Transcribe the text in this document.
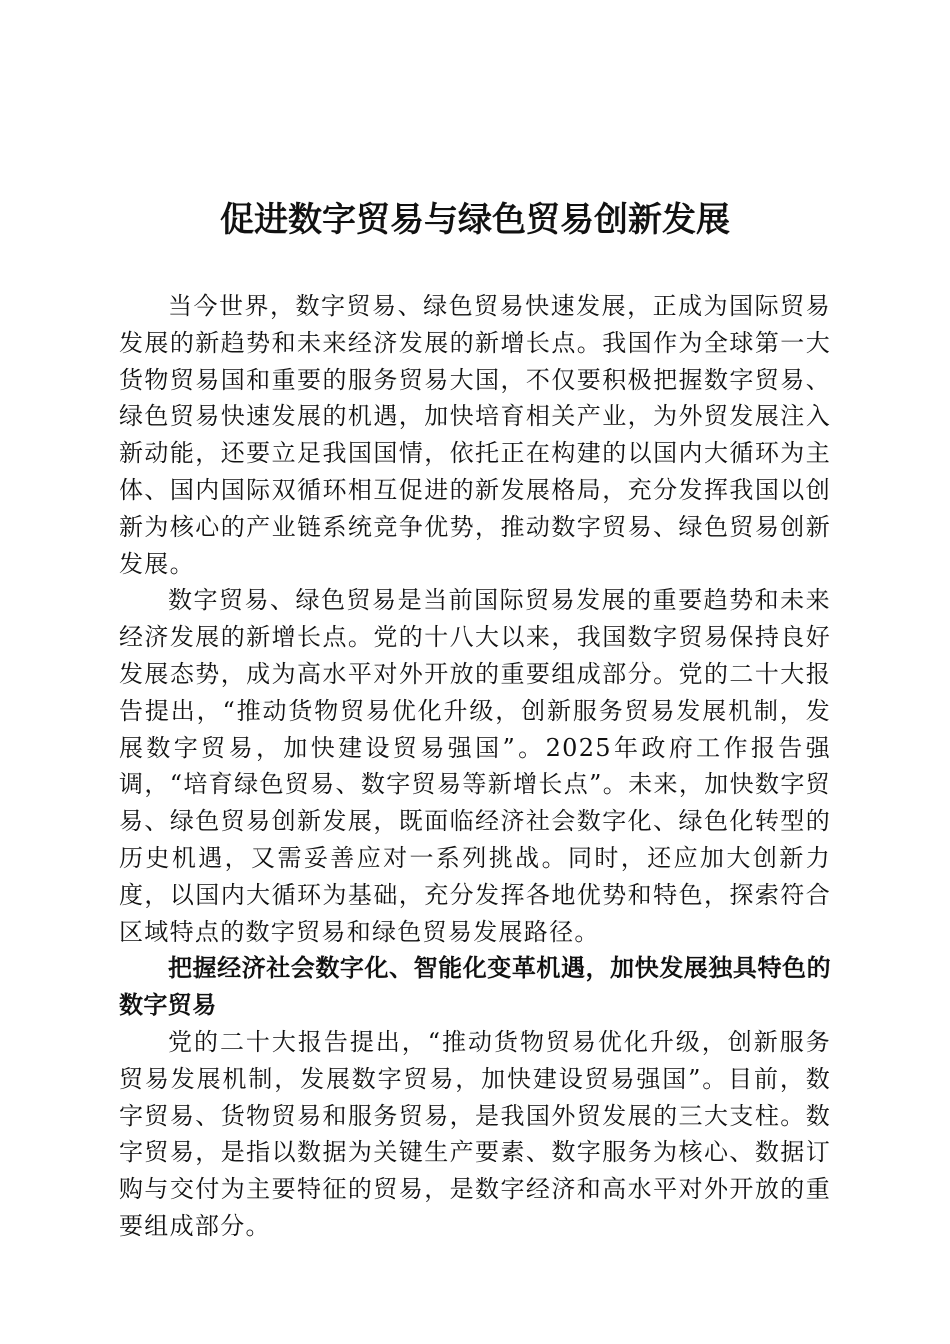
促进数字贸易与绿色贸易创新发展

当今世界，数字贸易、绿色贸易快速发展，正成为国际贸易发展的新趋势和未来经济发展的新增长点。我国作为全球第一大货物贸易国和重要的服务贸易大国，不仅要积极把握数字贸易、绿色贸易快速发展的机遇，加快培育相关产业，为外贸发展注入新动能，还要立足我国国情，依托正在构建的以国内大循环为主体、国内国际双循环相互促进的新发展格局，充分发挥我国以创新为核心的产业链系统竞争优势，推动数字贸易、绿色贸易创新发展。

数字贸易、绿色贸易是当前国际贸易发展的重要趋势和未来经济发展的新增长点。党的十八大以来，我国数字贸易保持良好发展态势，成为高水平对外开放的重要组成部分。党的二十大报告提出，“推动货物贸易优化升级，创新服务贸易发展机制，发展数字贸易，加快建设贸易强国”。2025年政府工作报告强调，“培育绿色贸易、数字贸易等新增长点”。未来，加快数字贸易、绿色贸易创新发展，既面临经济社会数字化、绿色化转型的历史机遇，又需妥善应对一系列挑战。同时，还应加大创新力度，以国内大循环为基础，充分发挥各地优势和特色，探索符合区域特点的数字贸易和绿色贸易发展路径。

把握经济社会数字化、智能化变革机遇，加快发展独具特色的数字贸易

党的二十大报告提出，“推动货物贸易优化升级，创新服务贸易发展机制，发展数字贸易，加快建设贸易强国”。目前，数字贸易、货物贸易和服务贸易，是我国外贸发展的三大支柱。数字贸易，是指以数据为关键生产要素、数字服务为核心、数据订购与交付为主要特征的贸易，是数字经济和高水平对外开放的重要组成部分。
